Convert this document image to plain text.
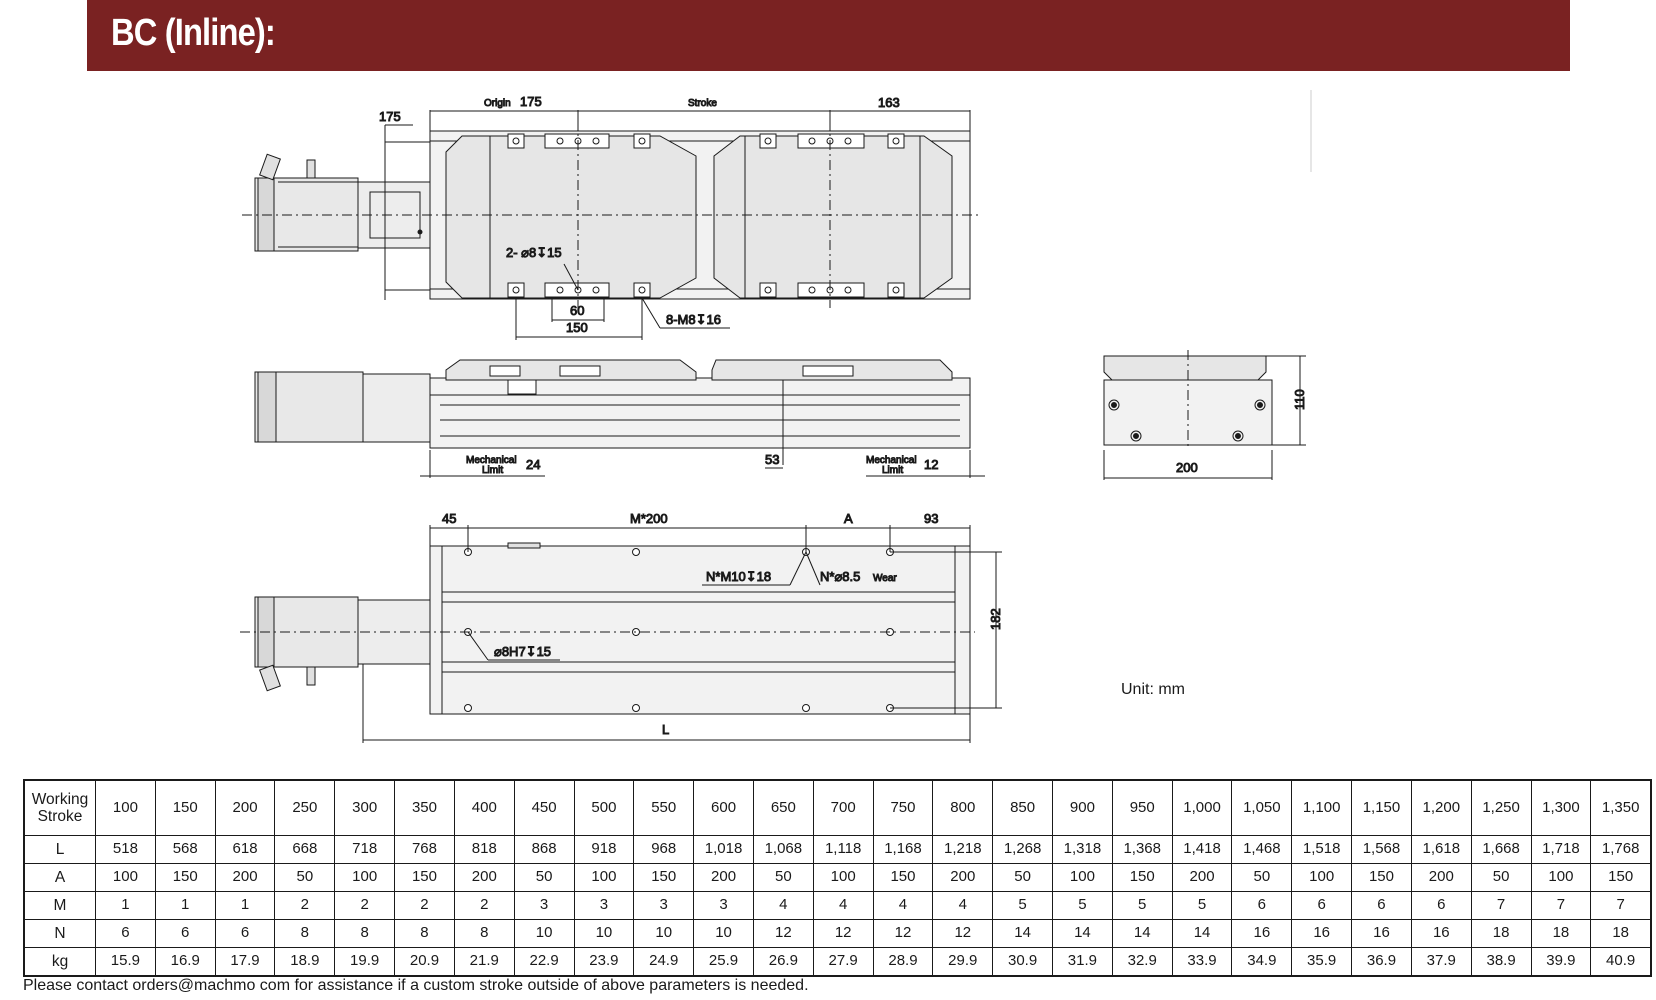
BC (Inline):
175
Origin 175	Stroke	163
2- ⌀8↧15
60
150
8-M8↧16
Mechanical
Limit 24	53	Mechanical
Limit 12
110
200
45	M*200	A	93
N*M10↧18	N*⌀8.5 Wear
⌀8H7↧15
182
L
Unit: mm
Working
Stroke	100	150	200	250	300	350	400	450	500	550	600	650	700	750	800	850	900	950	1,000	1,050	1,100	1,150	1,200	1,250	1,300	1,350

L	518	568	618	668	718	768	818	868	918	968	1,018	1,068	1,118	1,168	1,218	1,268	1,318	1,368	1,418	1,468	1,518	1,568	1,618	1,668	1,718	1,768

A	100	150	200	50	100	150	200	50	100	150	200	50	100	150	200	50	100	150	200	50	100	150	200	50	100	150

M	1	1	1	2	2	2	2	3	3	3	3	4	4	4	4	5	5	5	5	6	6	6	6	7	7	7

N	6	6	6	8	8	8	8	10	10	10	10	12	12	12	12	14	14	14	14	16	16	16	16	18	18	18

kg	15.9	16.9	17.9	18.9	19.9	20.9	21.9	22.9	23.9	24.9	25.9	26.9	27.9	28.9	29.9	30.9	31.9	32.9	33.9	34.9	35.9	36.9	37.9	38.9	39.9	40.9
Please contact orders@machmo com for assistance if a custom stroke outside of above parameters is needed.
